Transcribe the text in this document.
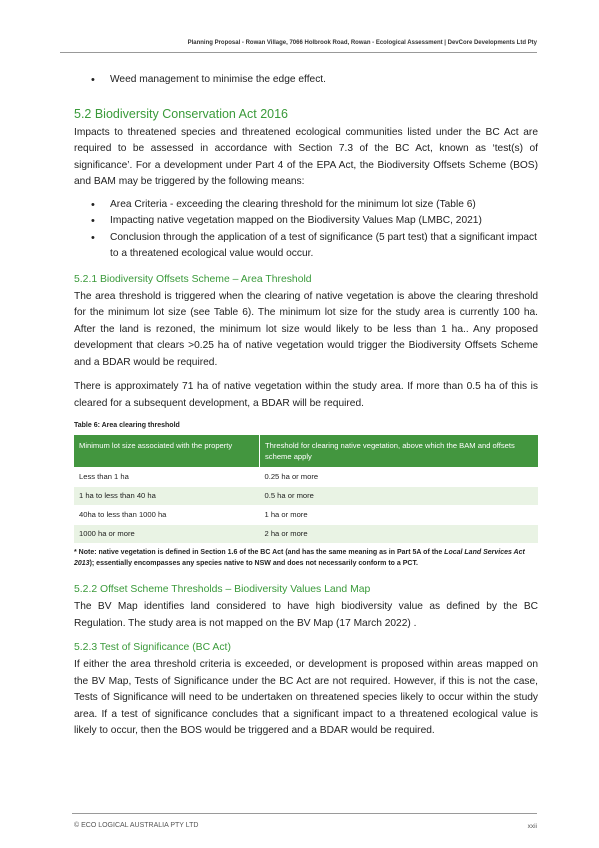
Planning Proposal - Rowan Village, 7066 Holbrook Road, Rowan - Ecological Assessment | DevCore Developments Ltd Pty
• Weed management to minimise the edge effect.
5.2 Biodiversity Conservation Act 2016

Impacts to threatened species and threatened ecological communities listed under the BC Act are required to be assessed in accordance with Section 7.3 of the BC Act, known as ‘test(s) of significance’. For a development under Part 4 of the EPA Act, the Biodiversity Offsets Scheme (BOS) and BAM may be triggered by the following means:

• Area Criteria - exceeding the clearing threshold for the minimum lot size (Table 6)
• Impacting native vegetation mapped on the Biodiversity Values Map (LMBC, 2021)
• Conclusion through the application of a test of significance (5 part test) that a significant impact to a threatened ecological value would occur.
5.2.1 Biodiversity Offsets Scheme – Area Threshold

The area threshold is triggered when the clearing of native vegetation is above the clearing threshold for the minimum lot size (see Table 6). The minimum lot size for the study area is currently 100 ha. After the land is rezoned, the minimum lot size would likely to be less than 1 ha.. Any proposed development that clears >0.25 ha of native vegetation would trigger the Biodiversity Offsets Scheme and a BDAR would be required.

There is approximately 71 ha of native vegetation within the study area. If more than 0.5 ha of this is cleared for a subsequent development, a BDAR will be required.

Table 6: Area clearing threshold
Minimum lot size associated with the property	Threshold for clearing native vegetation, above which the BAM and offsets scheme apply
Less than 1 ha	0.25 ha or more
1 ha to less than 40 ha	0.5 ha or more
40ha to less than 1000 ha	1 ha or more
1000 ha or more	2 ha or more

* Note: native vegetation is defined in Section 1.6 of the BC Act (and has the same meaning as in Part 5A of the Local Land Services Act 2013); essentially encompasses any species native to NSW and does not necessarily conform to a PCT.

5.2.2 Offset Scheme Thresholds – Biodiversity Values Land Map

The BV Map identifies land considered to have high biodiversity value as defined by the BC Regulation. The study area is not mapped on the BV Map (17 March 2022) .

5.2.3 Test of Significance (BC Act)

If either the area threshold criteria is exceeded, or development is proposed within areas mapped on the BV Map, Tests of Significance under the BC Act are not required. However, if this is not the case, Tests of Significance will need to be undertaken on threatened species likely to occur within the study area. If a test of significance concludes that a significant impact to a threatened ecological value is likely to occur, then the BOS would be triggered and a BDAR would be required.

© ECO LOGICAL AUSTRALIA PTY LTD	xxii
